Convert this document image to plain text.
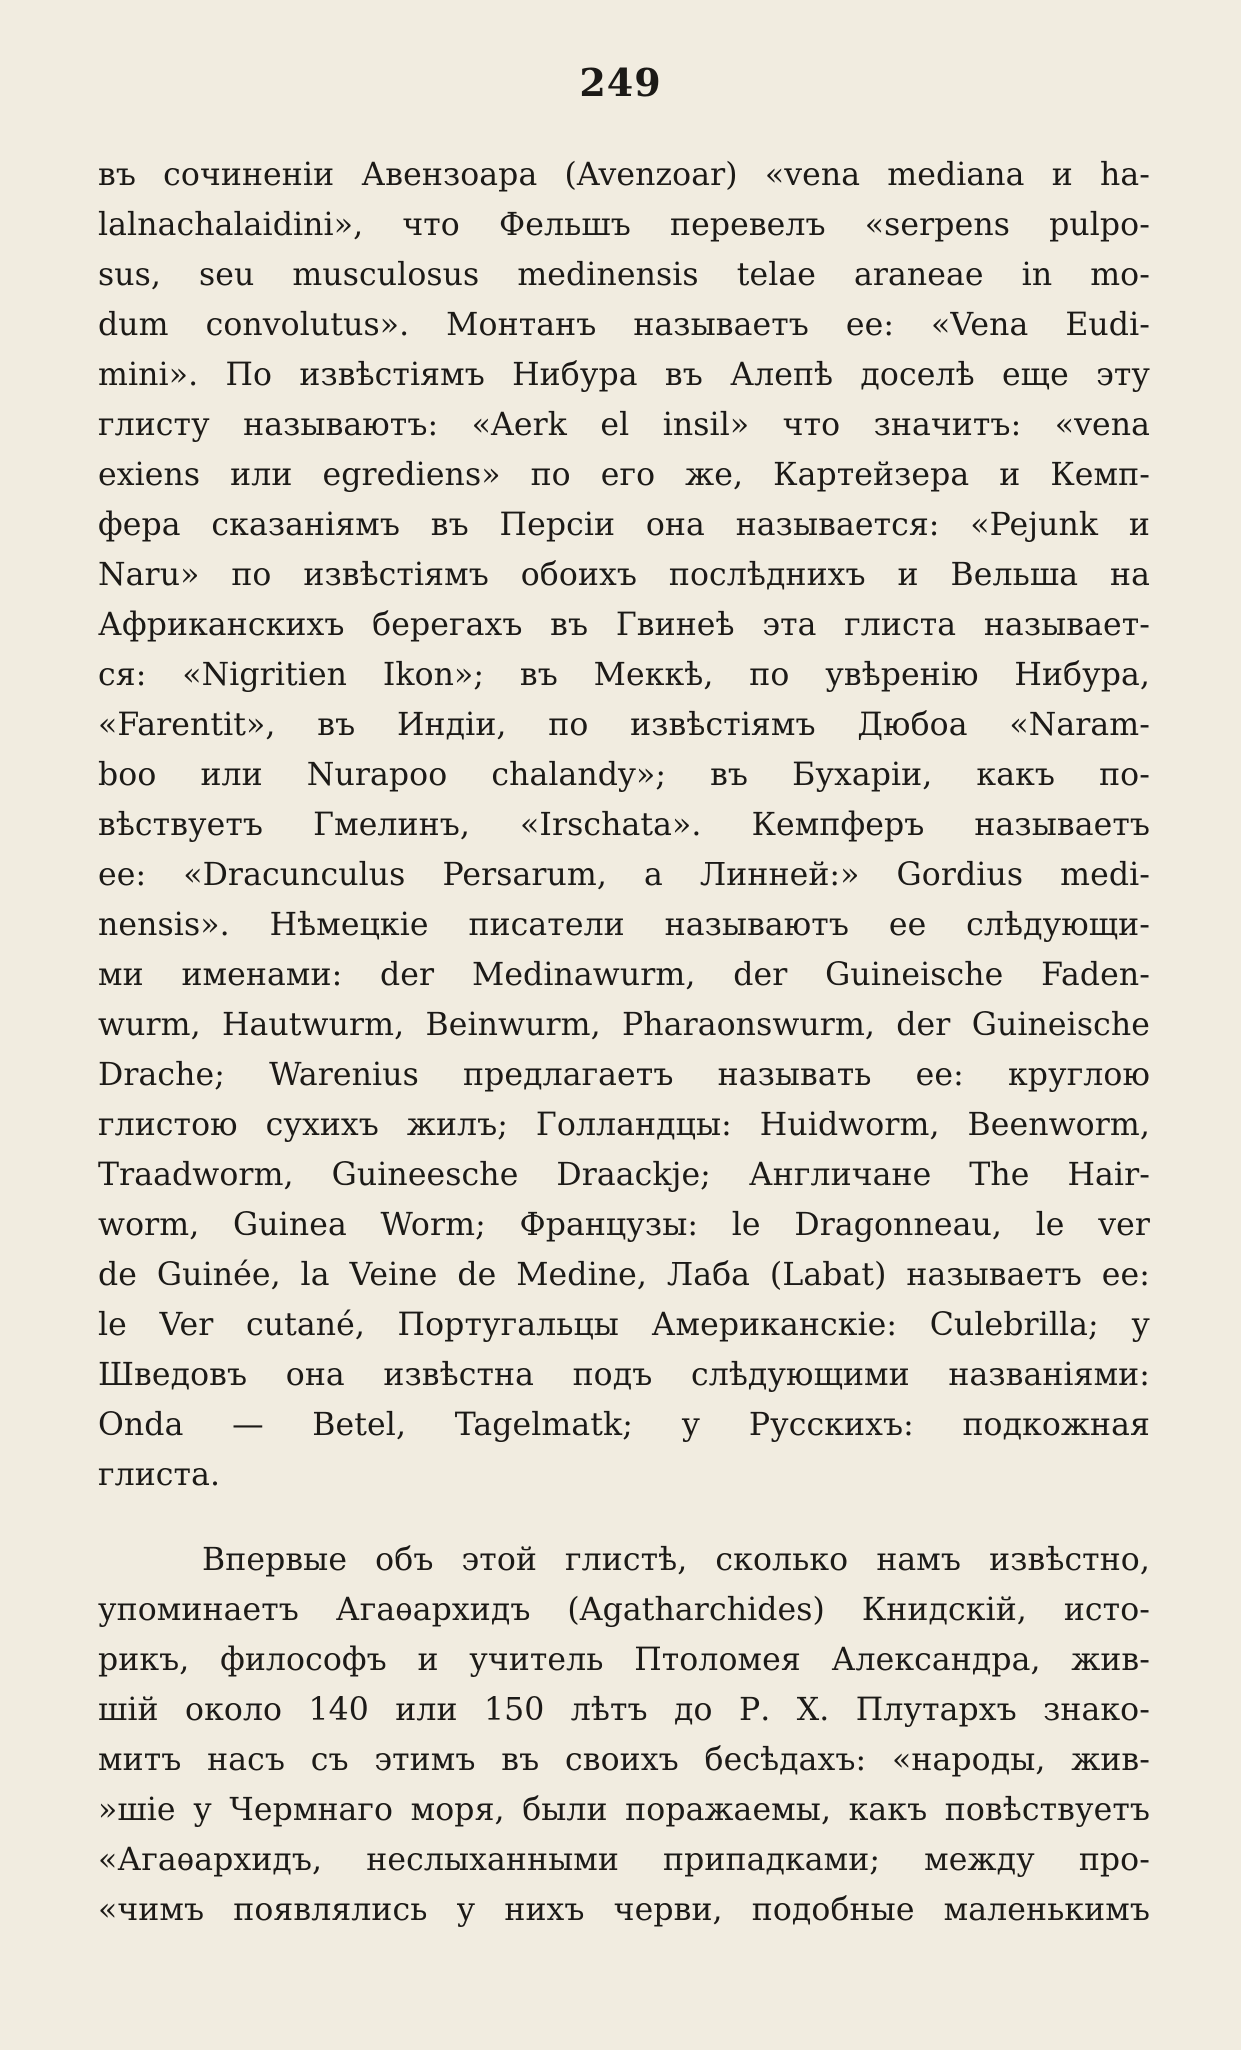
249
въ сочиненіи Авензоара (Avenzoar) «vena mediana и ha-
lalnachalaidini», что Фельшъ перевелъ «serpens pulpo-
sus, seu musculosus medinensis telae araneae in mo-
dum convolutus». Монтанъ называетъ ее: «Vena Eudi-
mini». По извѣстіямъ Нибура въ Алепѣ доселѣ еще эту
глисту называютъ: «Aerk el insil» что значитъ: «vena
exiens или egrediens» по его же, Картейзера и Кемп-
фера сказаніямъ въ Персіи она называется: «Pejunk и
Naru» по извѣстіямъ обоихъ послѣднихъ и Вельша на
Африканскихъ берегахъ въ Гвинеѣ эта глиста называет-
ся: «Nigritien Ikon»; въ Меккѣ, по увѣренію Нибура,
«Farentit», въ Индіи, по извѣстіямъ Дюбоа «Naram-
boo или Nurapoo chalandy»; въ Бухаріи, какъ по-
вѣствуетъ Гмелинъ, «Irschata». Кемпферъ называетъ
ее: «Dracunculus Persarum, а Линней:» Gordius medi-
nensis». Нѣмецкіе писатели называютъ ее слѣдующи-
ми именами: der Medinawurm, der Guineische Faden-
wurm, Hautwurm, Beinwurm, Pharaonswurm, der Guineische
Drache; Warenius предлагаетъ называть ее: круглою
глистою сухихъ жилъ; Голландцы: Huidworm, Beenworm,
Traadworm, Guineesche Draackje; Англичане The Hair-
worm, Guinea Worm; Французы: le Dragonneau, le ver
de Guinée, la Veine de Medine, Лаба (Labat) называетъ ее:
le Ver cutané, Португальцы Американскіе: Culebrilla; у
Шведовъ она извѣстна подъ слѣдующими названіями:
Onda — Betel, Tagelmatk; у Русскихъ: подкожная
глиста.
Впервые объ этой глистѣ, сколько намъ извѣстно,
упоминаетъ Агаѳархидъ (Agatharchides) Книдскій, исто-
рикъ, философъ и учитель Птоломея Александра, жив-
шій около 140 или 150 лѣтъ до Р. Х. Плутархъ знако-
митъ насъ съ этимъ въ своихъ бесѣдахъ: «народы, жив-
»шіе у Чермнаго моря, были поражаемы, какъ повѣствуетъ
«Агаѳархидъ, неслыханными припадками; между про-
«чимъ появлялись у нихъ черви, подобные маленькимъ
